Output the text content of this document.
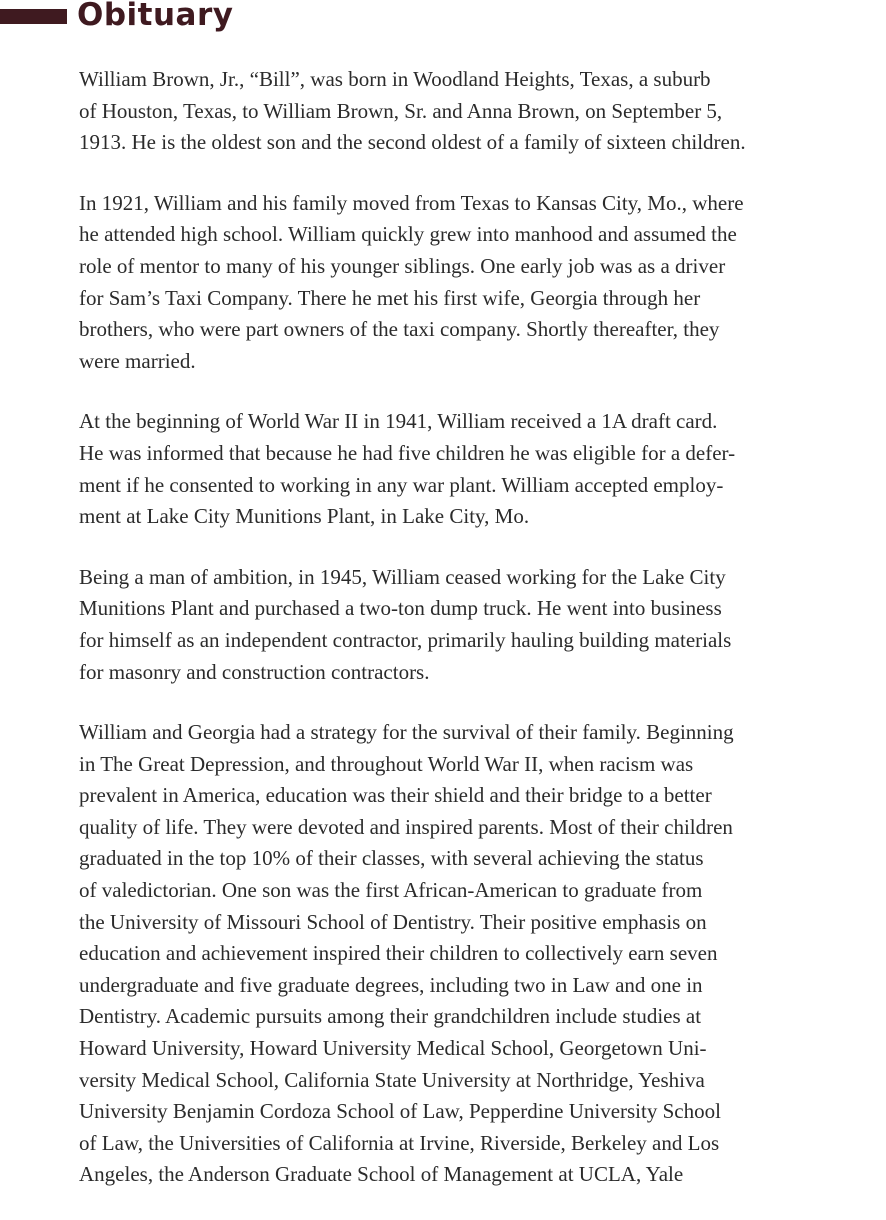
Obituary

William Brown, Jr., “Bill”, was born in Woodland Heights, Texas, a suburb
of Houston, Texas, to William Brown, Sr. and Anna Brown, on September 5,
1913. He is the oldest son and the second oldest of a family of sixteen children.

In 1921, William and his family moved from Texas to Kansas City, Mo., where
he attended high school. William quickly grew into manhood and assumed the
role of mentor to many of his younger siblings. One early job was as a driver
for Sam’s Taxi Company. There he met his first wife, Georgia through her
brothers, who were part owners of the taxi company. Shortly thereafter, they
were married.

At the beginning of World War II in 1941, William received a 1A draft card.
He was informed that because he had five children he was eligible for a defer-
ment if he consented to working in any war plant. William accepted employ-
ment at Lake City Munitions Plant, in Lake City, Mo.

Being a man of ambition, in 1945, William ceased working for the Lake City
Munitions Plant and purchased a two-ton dump truck. He went into business
for himself as an independent contractor, primarily hauling building materials
for masonry and construction contractors.

William and Georgia had a strategy for the survival of their family. Beginning
in The Great Depression, and throughout World War II, when racism was
prevalent in America, education was their shield and their bridge to a better
quality of life. They were devoted and inspired parents. Most of their children
graduated in the top 10% of their classes, with several achieving the status
of valedictorian. One son was the first African-American to graduate from
the University of Missouri School of Dentistry. Their positive emphasis on
education and achievement inspired their children to collectively earn seven
undergraduate and five graduate degrees, including two in Law and one in
Dentistry. Academic pursuits among their grandchildren include studies at
Howard University, Howard University Medical School, Georgetown Uni-
versity Medical School, California State University at Northridge, Yeshiva
University Benjamin Cordoza School of Law, Pepperdine University School
of Law, the Universities of California at Irvine, Riverside, Berkeley and Los
Angeles, the Anderson Graduate School of Management at UCLA, Yale
